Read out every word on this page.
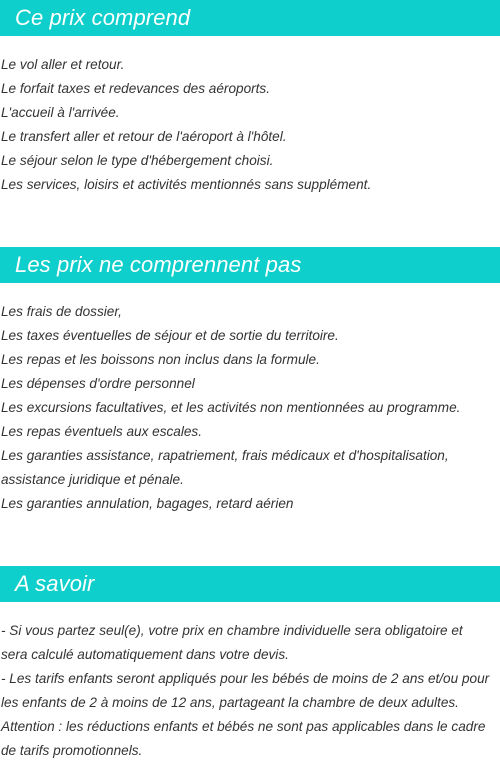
Ce prix comprend
Le vol aller et retour.
Le forfait taxes et redevances des aéroports.
L'accueil à l'arrivée.
Le transfert aller et retour de l'aéroport à l'hôtel.
Le séjour selon le type d'hébergement choisi.
Les services, loisirs et activités mentionnés sans supplément.
Les prix ne comprennent pas
Les frais de dossier,
Les taxes éventuelles de séjour et de sortie du territoire.
Les repas et les boissons non inclus dans la formule.
Les dépenses d'ordre personnel
Les excursions facultatives, et les activités non mentionnées au programme.
Les repas éventuels aux escales.
Les garanties assistance, rapatriement, frais médicaux et d'hospitalisation,
assistance juridique et pénale.
Les garanties annulation, bagages, retard aérien
A savoir
- Si vous partez seul(e), votre prix en chambre individuelle sera obligatoire et
sera calculé automatiquement dans votre devis.
- Les tarifs enfants seront appliqués pour les bébés de moins de 2 ans et/ou pour
les enfants de 2 à moins de 12 ans, partageant la chambre de deux adultes.
Attention : les réductions enfants et bébés ne sont pas applicables dans le cadre
de tarifs promotionnels.
